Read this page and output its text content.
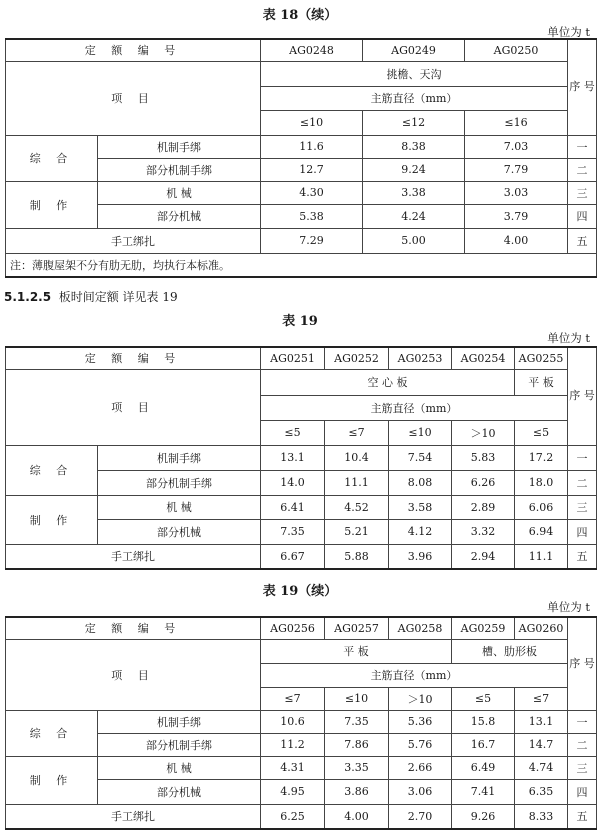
表 18（续）
单位为 t
定 额 编 号		AG0248	AG0249	AG0250	序 号
项 目		挑檐、天沟			
		主筋直径（mm）			
		≤10	≤12	≤16	
综 合	机制手绑	11.6	8.38	7.03	一
	部分机制手绑	12.7	9.24	7.79	二
制 作	机 械	4.30	3.38	3.03	三
	部分机械	5.38	4.24	3.79	四
手工绑扎		7.29	5.00	4.00	五
注：薄腹屋架不分有肋无肋，均执行本标准。					
5.1.2.5 板时间定额 详见表 19
表 19
单位为 t
定 额 编 号		AG0251	AG0252	AG0253	AG0254	AG0255	序 号
项 目		空 心 板				平 板	
		主筋直径（mm）					
		≤5	≤7	≤10	＞10	≤5	
综 合	机制手绑	13.1	10.4	7.54	5.83	17.2	一
	部分机制手绑	14.0	11.1	8.08	6.26	18.0	二
制 作	机 械	6.41	4.52	3.58	2.89	6.06	三
	部分机械	7.35	5.21	4.12	3.32	6.94	四
手工绑扎		6.67	5.88	3.96	2.94	11.1	五
表 19（续）
单位为 t
定 额 编 号		AG0256	AG0257	AG0258	AG0259	AG0260	序 号
项 目		平 板			槽、肋形板		
		主筋直径（mm）					
		≤7	≤10	＞10	≤5	≤7	
综 合	机制手绑	10.6	7.35	5.36	15.8	13.1	一
	部分机制手绑	11.2	7.86	5.76	16.7	14.7	二
制 作	机 械	4.31	3.35	2.66	6.49	4.74	三
	部分机械	4.95	3.86	3.06	7.41	6.35	四
手工绑扎		6.25	4.00	2.70	9.26	8.33	五
